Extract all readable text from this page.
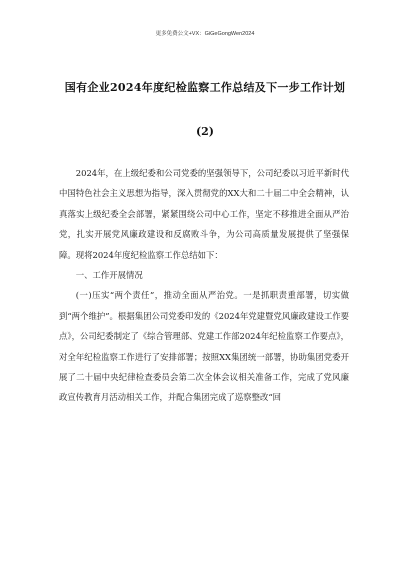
更多免费公文+VX：GiGeGongWen2024
国有企业2024年度纪检监察工作总结及下一步工作计划
(2)

2024年，在上级纪委和公司党委的坚强领导下，公司纪委以习近平新时代中国特色社会主义思想为指导，深入贯彻党的XX大和二十届二中全会精神，认真落实上级纪委全会部署，紧紧围绕公司中心工作，坚定不移推进全面从严治党，扎实开展党风廉政建设和反腐败斗争，为公司高质量发展提供了坚强保障。现将2024年度纪检监察工作总结如下：

一、工作开展情况

(一)压实“两个责任”，推动全面从严治党。一是抓职责重部署，切实做到“两个维护”。根据集团公司党委印发的《2024年党建暨党风廉政建设工作要点》，公司纪委制定了《综合管理部、党建工作部2024年纪检监察工作要点》，对全年纪检监察工作进行了安排部署；按照XX集团统一部署，协助集团党委开展了二十届中央纪律检查委员会第二次全体会议相关准备工作，完成了党风廉政宣传教育月活动相关工作，并配合集团完成了巡察整改“回
